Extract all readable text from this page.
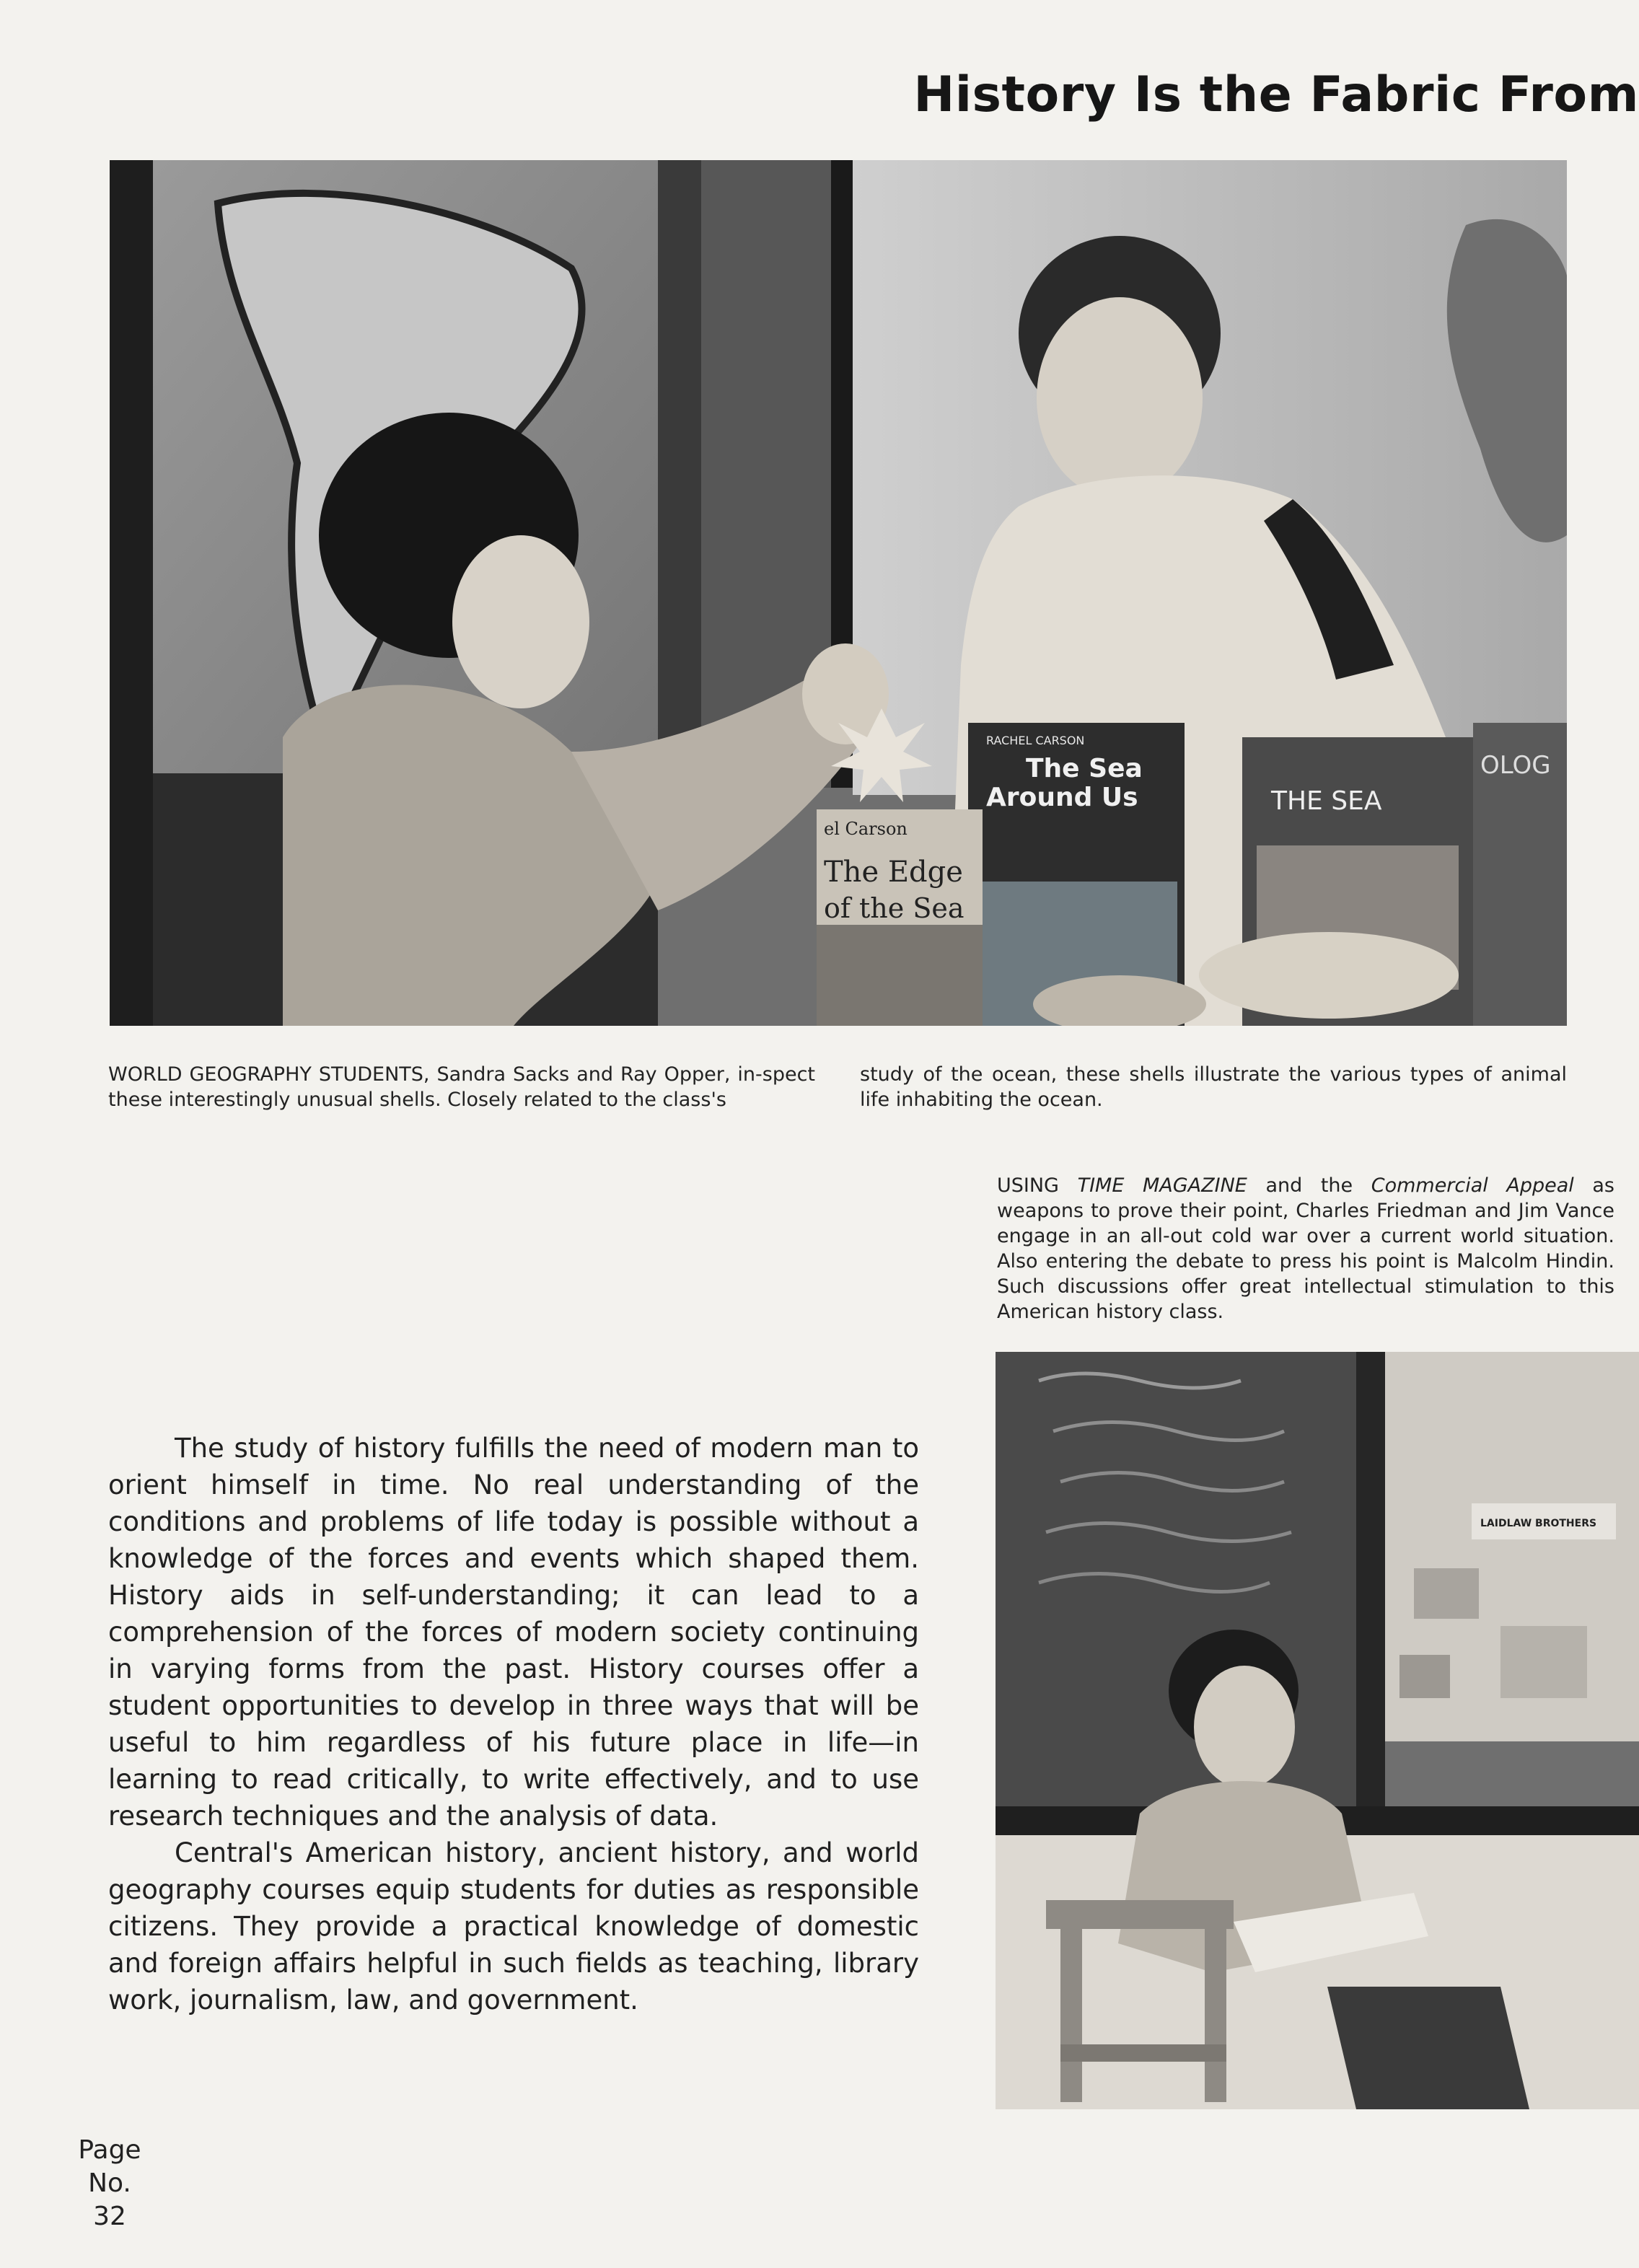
History Is the Fabric From
RACHEL CARSON
The Sea
Around Us
el Carson
The Edge
of the Sea
THE SEA
OLOG
WORLD GEOGRAPHY STUDENTS, Sandra Sacks and Ray Opper, in-spect these interestingly unusual shells. Closely related to the class's
study of the ocean, these shells illustrate the various types of animal life inhabiting the ocean.
USING TIME MAGAZINE and the Commercial Appeal as weapons to prove their point, Charles Friedman and Jim Vance engage in an all-out cold war over a current world situation. Also entering the debate to press his point is Malcolm Hindin. Such discussions offer great intellectual stimulation to this American history class.
LAIDLAW BROTHERS

The study of history fulfills the need of modern man to orient himself in time. No real understanding of the conditions and problems of life today is possible without a knowledge of the forces and events which shaped them. History aids in self-understanding; it can lead to a comprehension of the forces of modern society continuing in varying forms from the past. History courses offer a student opportunities to develop in three ways that will be useful to him regardless of his future place in life—in learning to read critically, to write effectively, and to use research techniques and the analysis of data.

Central's American history, ancient history, and world geography courses equip students for duties as responsible citizens. They provide a practical knowledge of domestic and foreign affairs helpful in such fields as teaching, library work, journalism, law, and government.

Page
No.
32
